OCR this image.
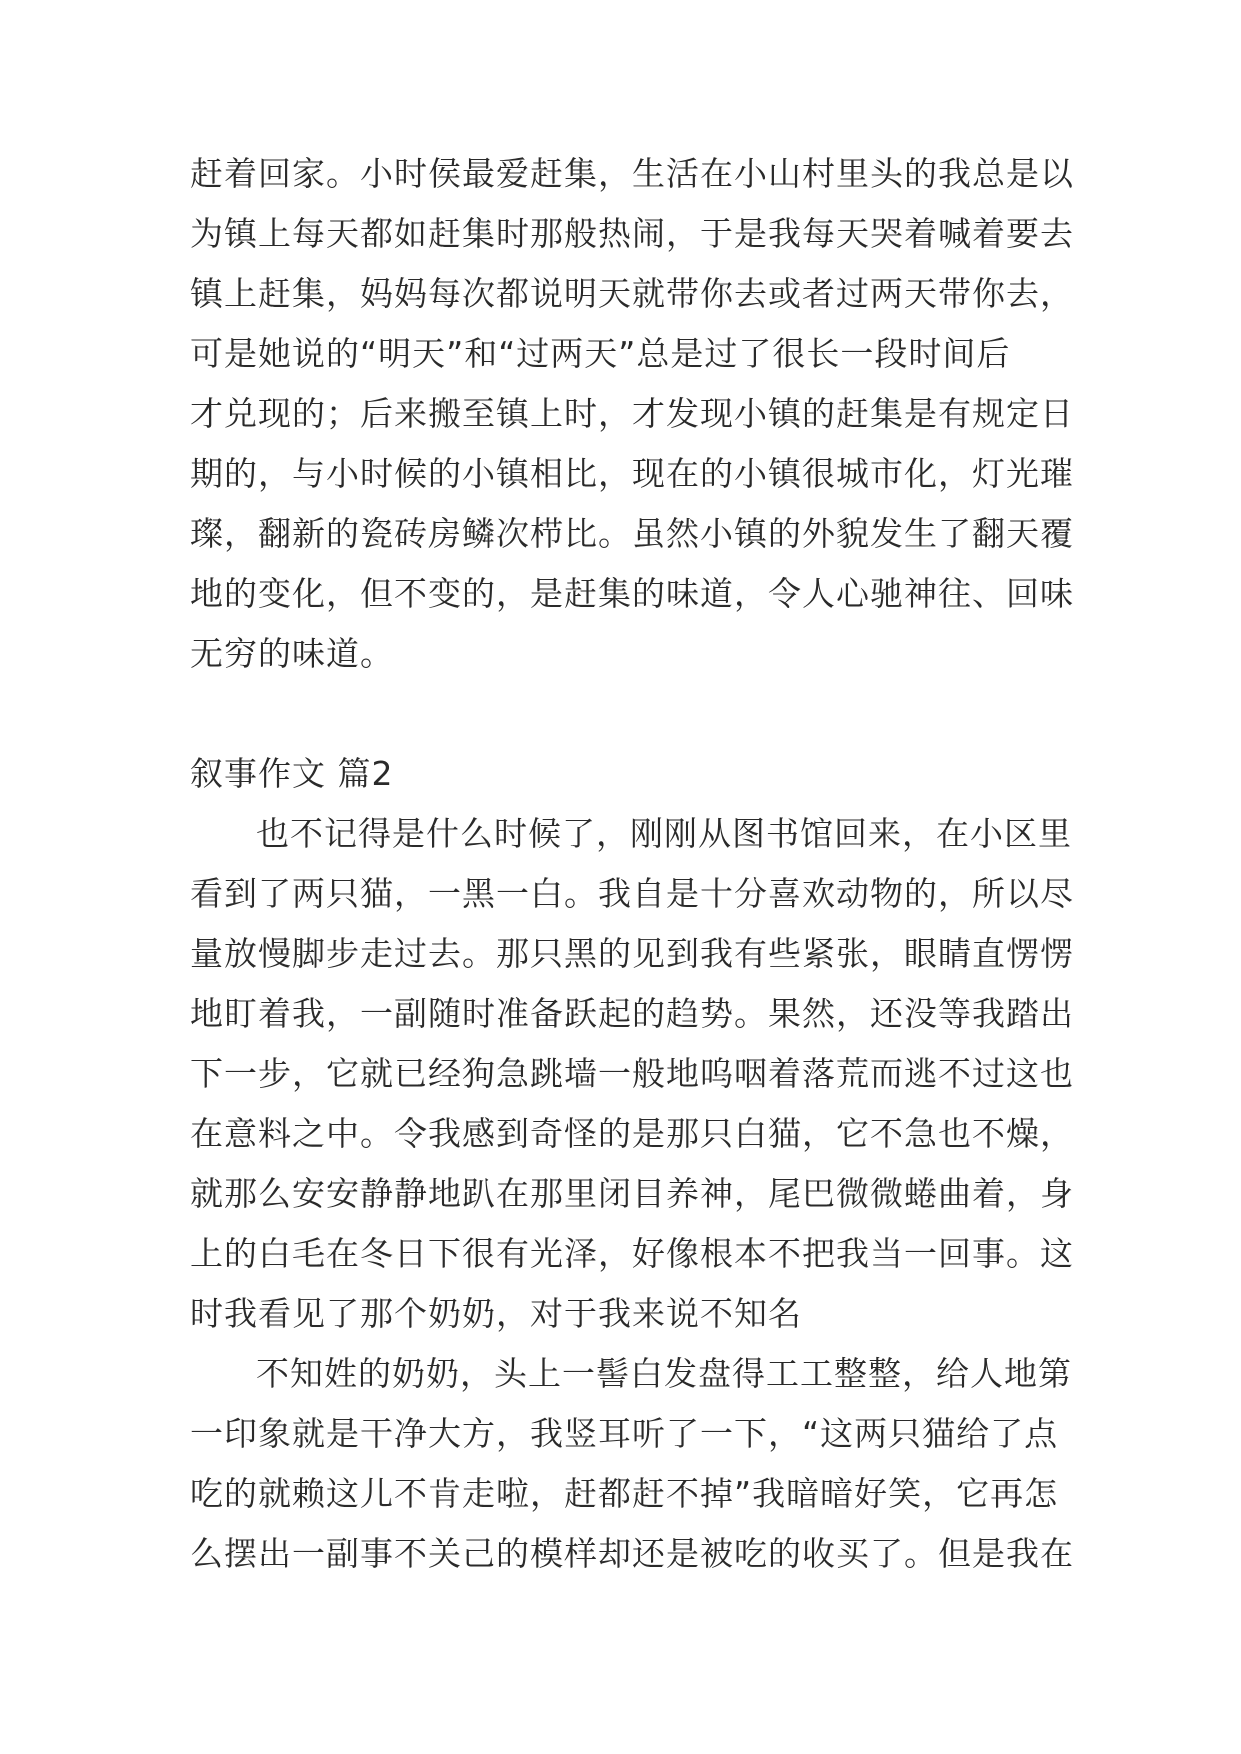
赶着回家。小时侯最爱赶集，生活在小山村里头的我总是以
为镇上每天都如赶集时那般热闹，于是我每天哭着喊着要去
镇上赶集，妈妈每次都说明天就带你去或者过两天带你去，
可是她说的“明天”和“过两天”总是过了很长一段时间后
才兑现的；后来搬至镇上时，才发现小镇的赶集是有规定日
期的，与小时候的小镇相比，现在的小镇很城市化，灯光璀
璨，翻新的瓷砖房鳞次栉比。虽然小镇的外貌发生了翻天覆
地的变化，但不变的，是赶集的味道，令人心驰神往、回味
无穷的味道。
叙事作文 篇2
也不记得是什么时候了，刚刚从图书馆回来，在小区里
看到了两只猫，一黑一白。我自是十分喜欢动物的，所以尽
量放慢脚步走过去。那只黑的见到我有些紧张，眼睛直愣愣
地盯着我，一副随时准备跃起的趋势。果然，还没等我踏出
下一步，它就已经狗急跳墙一般地呜咽着落荒而逃不过这也
在意料之中。令我感到奇怪的是那只白猫，它不急也不燥，
就那么安安静静地趴在那里闭目养神，尾巴微微蜷曲着，身
上的白毛在冬日下很有光泽，好像根本不把我当一回事。这
时我看见了那个奶奶，对于我来说不知名
不知姓的奶奶，头上一髻白发盘得工工整整，给人地第
一印象就是干净大方，我竖耳听了一下，“这两只猫给了点
吃的就赖这儿不肯走啦，赶都赶不掉”我暗暗好笑，它再怎
么摆出一副事不关己的模样却还是被吃的收买了。但是我在
